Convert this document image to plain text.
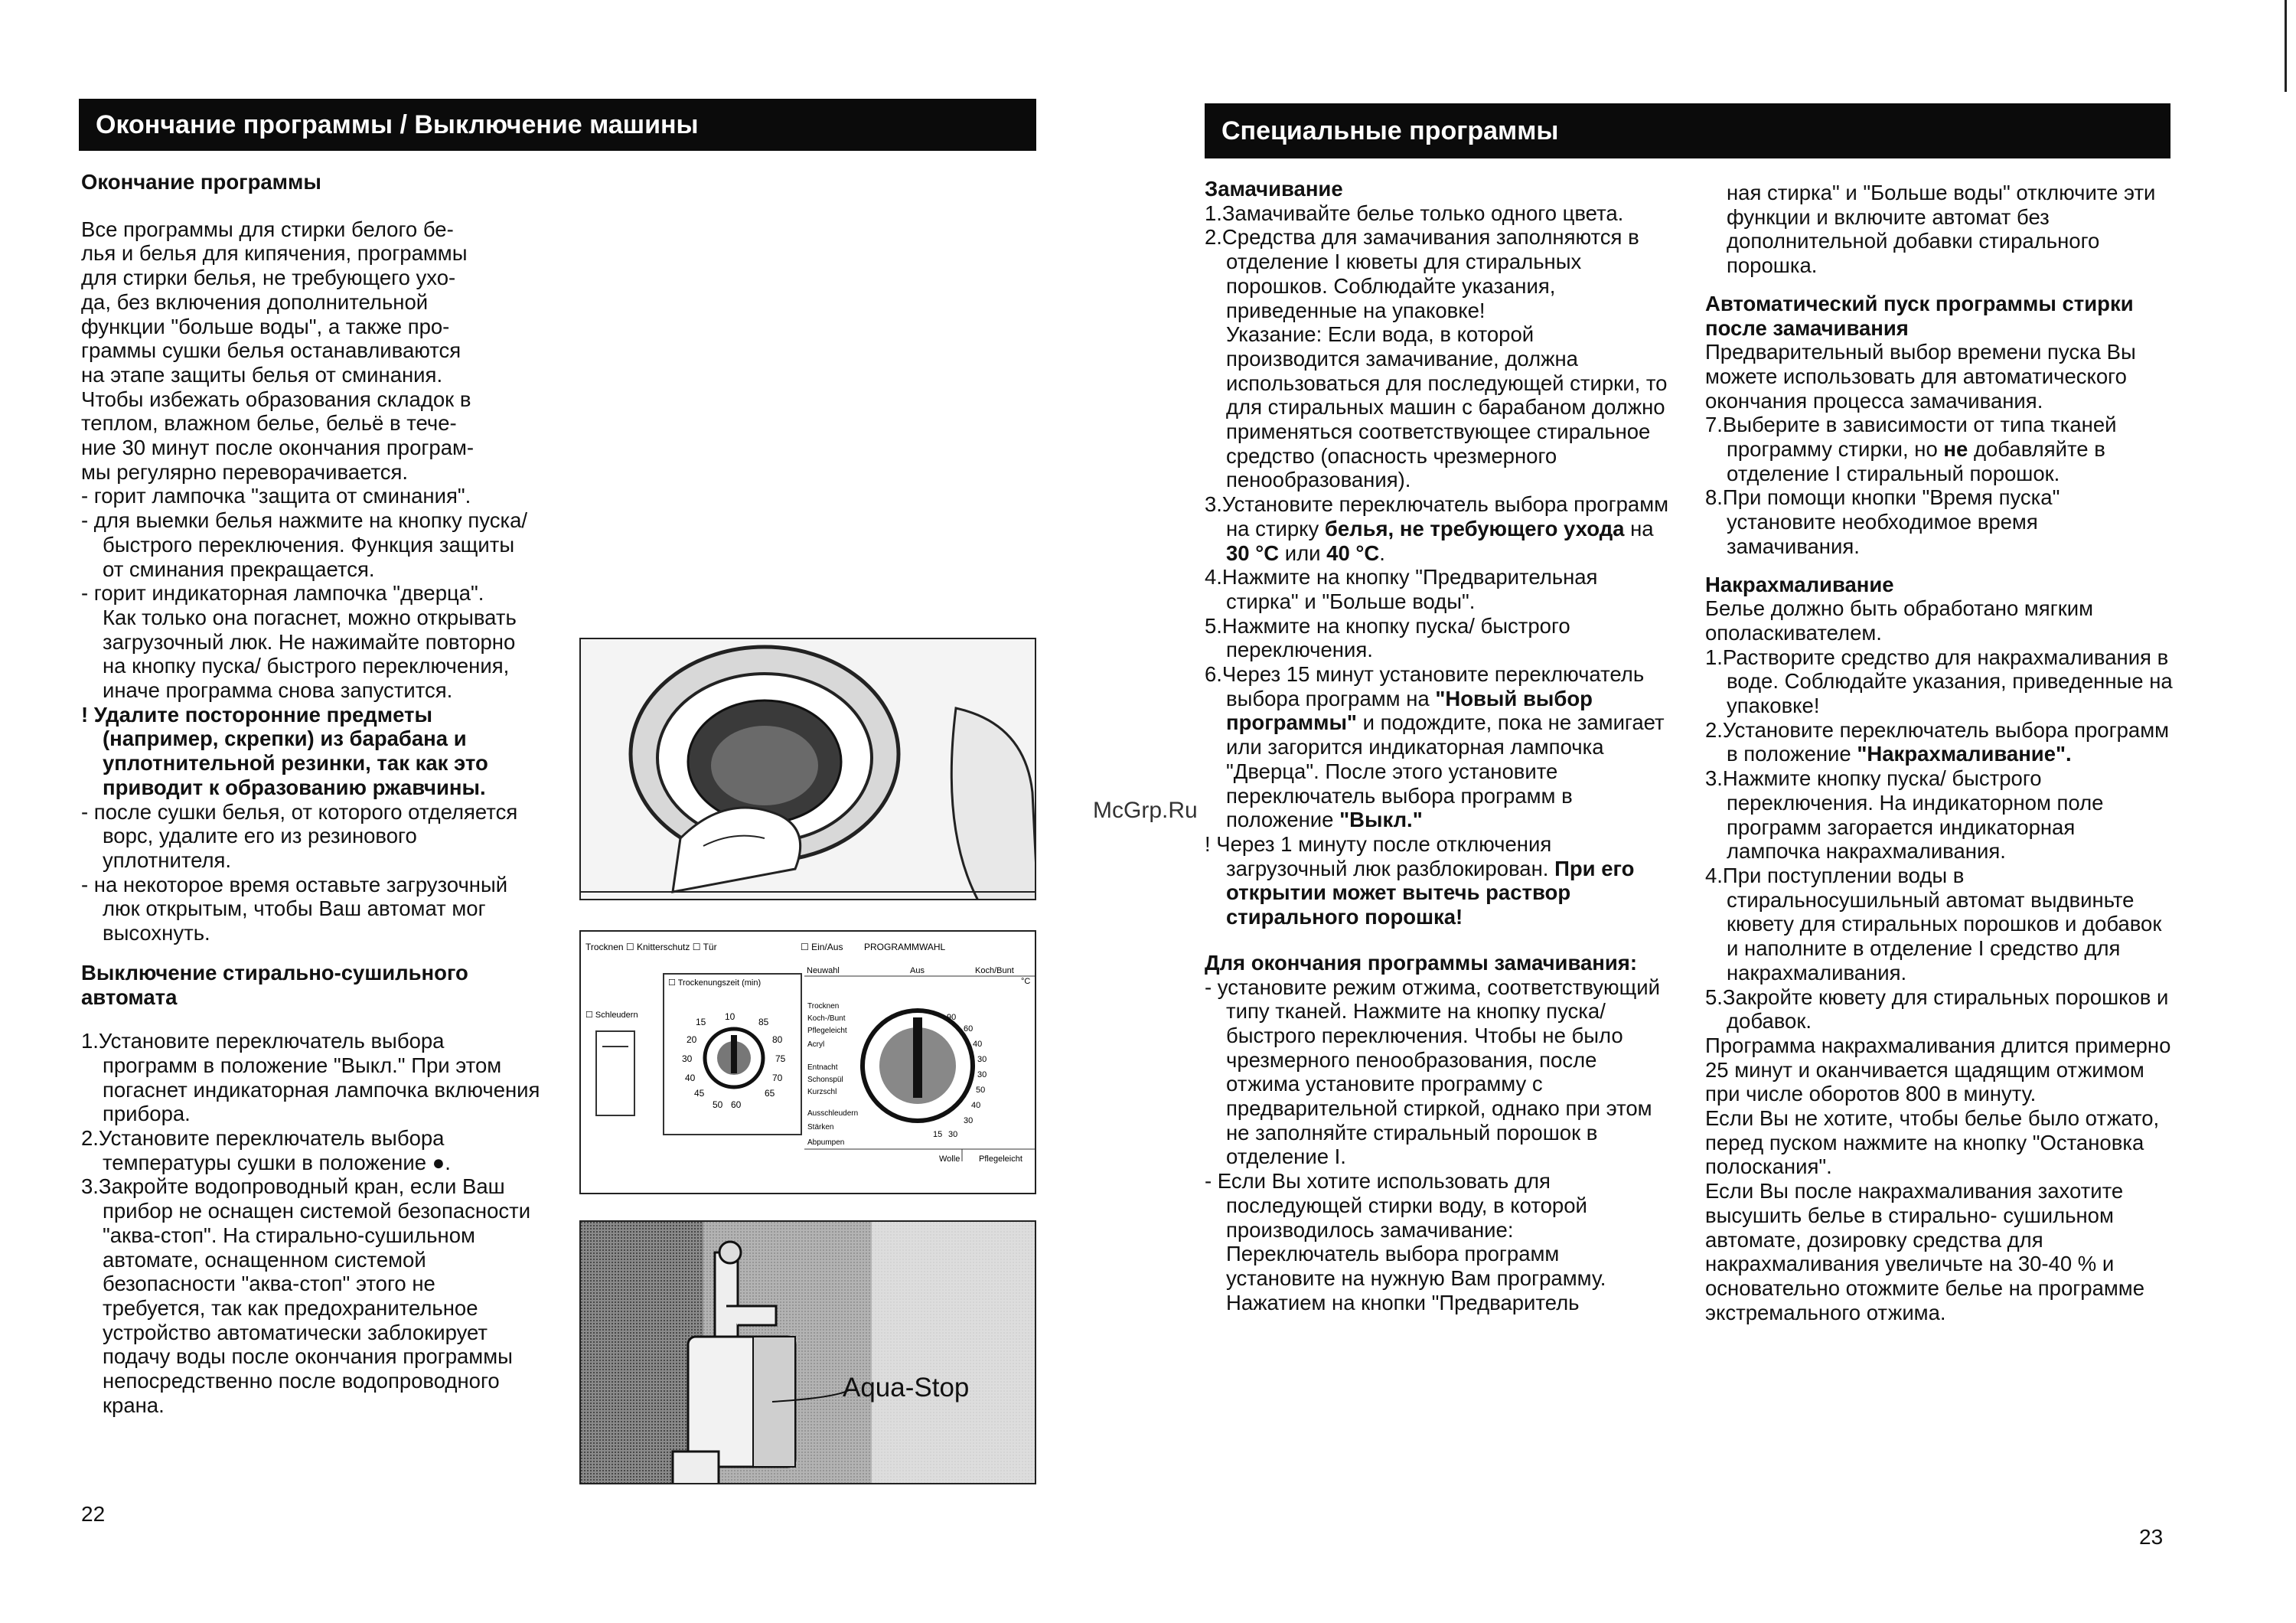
Окончание программы / Выключение машины

Окончание программы

Все программы для стирки белого бе-
лья и белья для кипячения, программы
для стирки белья, не требующего ухо-
да, без включения дополнительной
функции "больше воды", а также про-
граммы сушки белья останавливаются
на этапе защиты белья от сминания.
Чтобы избежать образования складок в
теплом, влажном белье, бельё в тече-
ние 30 минут после окончания програм-
мы регулярно переворачивается.

- горит лампочка "защита от сминания".

- для выемки белья нажмите на кнопку пуска/ быстрого переключения. Функция защиты от сминания прекращается.

- горит индикаторная лампочка "дверца".

Как только она погаснет, можно открывать загрузочный люк. Не нажимайте повторно на кнопку пуска/ быстрого переключения, иначе программа снова запустится.

! Удалите посторонние предметы (например, скрепки) из барабана и уплотнительной резинки, так как это приводит к образованию ржавчины.

- после сушки белья, от которого отделяется ворс, удалите его из резинового уплотнителя.

- на некоторое время оставьте загрузочный люк открытым, чтобы Ваш автомат мог высохнуть.

Выключение стирально-сушильного автомата

1.Установите переключатель выбора программ в положение "Выкл." При этом погаснет индикаторная лампочка включения прибора.

2.Установите переключатель выбора температуры сушки в положение ●.

3.Закройте водопроводный кран, если Ваш прибор не оснащен системой безопасности "аква-стоп". На стирально-сушильном автомате, оснащенном системой безопасности "аква-стоп" этого не требуется, так как предохранительное устройство автоматически заблокирует подачу воды после окончания программы непосредственно после водопроводного крана.

22
Trocknen ☐ Knitterschutz ☐ Tür	☐ Ein/Aus PROGRAMMWAHL
☐ Schleudern
☐ Trockenungszeit (min)
10
15
20
30
40
45
50 60
65
70
75
80
85
Neuwahl	Aus	Koch/Bunt
°C
Trocknen
Koch-/Bunt
Pflegeleicht
Acryl
Entnacht
Schonspül
Kurzschl
Ausschleudern
Stärken
Abpumpen
90
60
40
30
30
50
40
30
15 30
Wolle Pflegeleicht
Aqua-Stop
Специальные программы

Замачивание

1.Замачивайте белье только одного цвета.

2.Средства для замачивания заполняются в отделение I кюветы для стиральных порошков. Соблюдайте указания, приведенные на упаковке!

Указание: Если вода, в которой производится замачивание, должна использоваться для последующей стирки, то для стиральных машин с барабаном должно применяться соответствующее стиральное средство (опасность чрезмерного пенообразования).

3.Установите переключатель выбора программ на стирку белья, не требующего ухода на 30 °С или 40 °С.

4.Нажмите на кнопку "Предварительная стирка" и "Больше воды".

5.Нажмите на кнопку пуска/ быстрого переключения.

6.Через 15 минут установите переключатель выбора программ на "Новый выбор программы" и подождите, пока не замигает или загорится индикаторная лампочка "Дверца". После этого установите переключатель выбора программ в положение "Выкл."

! Через 1 минуту после отключения загрузочный люк разблокирован. При его открытии может вытечь раствор стирального порошка!

Для окончания программы замачивания:

- установите режим отжима, соответствующий типу тканей. Нажмите на кнопку пуска/ быстрого переключения. Чтобы не было чрезмерного пенообразования, после отжима установите программу с предварительной стиркой, однако при этом не заполняйте стиральный порошок в отделение I.

- Если Вы хотите использовать для последующей стирки воду, в которой производилось замачивание:

Переключатель выбора программ установите на нужную Вам программу. Нажатием на кнопки "Предваритель

ная стирка" и "Больше воды" отключите эти функции и включите автомат без дополнительной добавки стирального порошка.

Автоматический пуск программы стирки после замачивания

Предварительный выбор времени пуска Вы можете использовать для автоматического окончания процесса замачивания.

7.Выберите в зависимости от типа тканей программу стирки, но не добавляйте в отделение I стиральный порошок.

8.При помощи кнопки "Время пуска" установите необходимое время замачивания.

Накрахмаливание

Белье должно быть обработано мягким ополаскивателем.

1.Растворите средство для накрахмаливания в воде. Соблюдайте указания, приведенные на упаковке!

2.Установите переключатель выбора программ в положение "Накрахмаливание".

3.Нажмите кнопку пуска/ быстрого переключения. На индикаторном поле программ загорается индикаторная лампочка накрахмаливания.

4.При поступлении воды в стиральносушильный автомат выдвиньте кювету для стиральных порошков и добавок и наполните в отделение I средство для накрахмаливания.

5.Закройте кювету для стиральных порошков и добавок.

Программа накрахмаливания длится примерно 25 минут и оканчивается щадящим отжимом при числе оборотов 800 в минуту.

Если Вы не хотите, чтобы белье было отжато, перед пуском нажмите на кнопку "Остановка полоскания".

Если Вы после накрахмаливания захотите высушить белье в стирально- сушильном автомате, дозировку средства для накрахмаливания увеличьте на 30-40 % и основательно отожмите белье на программе экстремального отжима.

23
McGrp.Ru
